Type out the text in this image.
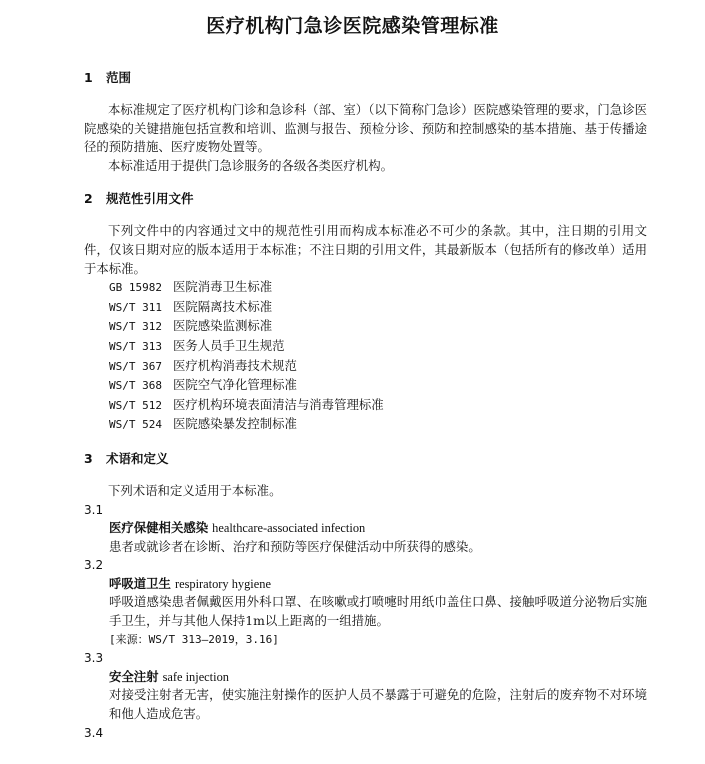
医疗机构门急诊医院感染管理标准
1 范围

本标准规定了医疗机构门诊和急诊科（部、室）（以下简称门急诊）医院感染管理的要求，门急诊医院感染的关键措施包括宣教和培训、监测与报告、预检分诊、预防和控制感染的基本措施、基于传播途径的预防措施、医疗废物处置等。

本标准适用于提供门急诊服务的各级各类医疗机构。

2 规范性引用文件

下列文件中的内容通过文中的规范性引用而构成本标准必不可少的条款。其中，注日期的引用文件，仅该日期对应的版本适用于本标准；不注日期的引用文件，其最新版本（包括所有的修改单）适用于本标准。

GB 15982 医院消毒卫生标准
WS/T 311 医院隔离技术标准
WS/T 312 医院感染监测标准
WS/T 313 医务人员手卫生规范
WS/T 367 医疗机构消毒技术规范
WS/T 368 医院空气净化管理标准
WS/T 512 医疗机构环境表面清洁与消毒管理标准
WS/T 524 医院感染暴发控制标准
3 术语和定义

下列术语和定义适用于本标准。

3.1

医疗保健相关感染 healthcare-associated infection

患者或就诊者在诊断、治疗和预防等医疗保健活动中所获得的感染。

3.2

呼吸道卫生 respiratory hygiene

呼吸道感染患者佩戴医用外科口罩、在咳嗽或打喷嚏时用纸巾盖住口鼻、接触呼吸道分泌物后实施手卫生，并与其他人保持1m以上距离的一组措施。

[来源：WS/T 313—2019，3.16]

3.3

安全注射 safe injection

对接受注射者无害，使实施注射操作的医护人员不暴露于可避免的危险，注射后的废弃物不对环境和他人造成危害。

3.4
